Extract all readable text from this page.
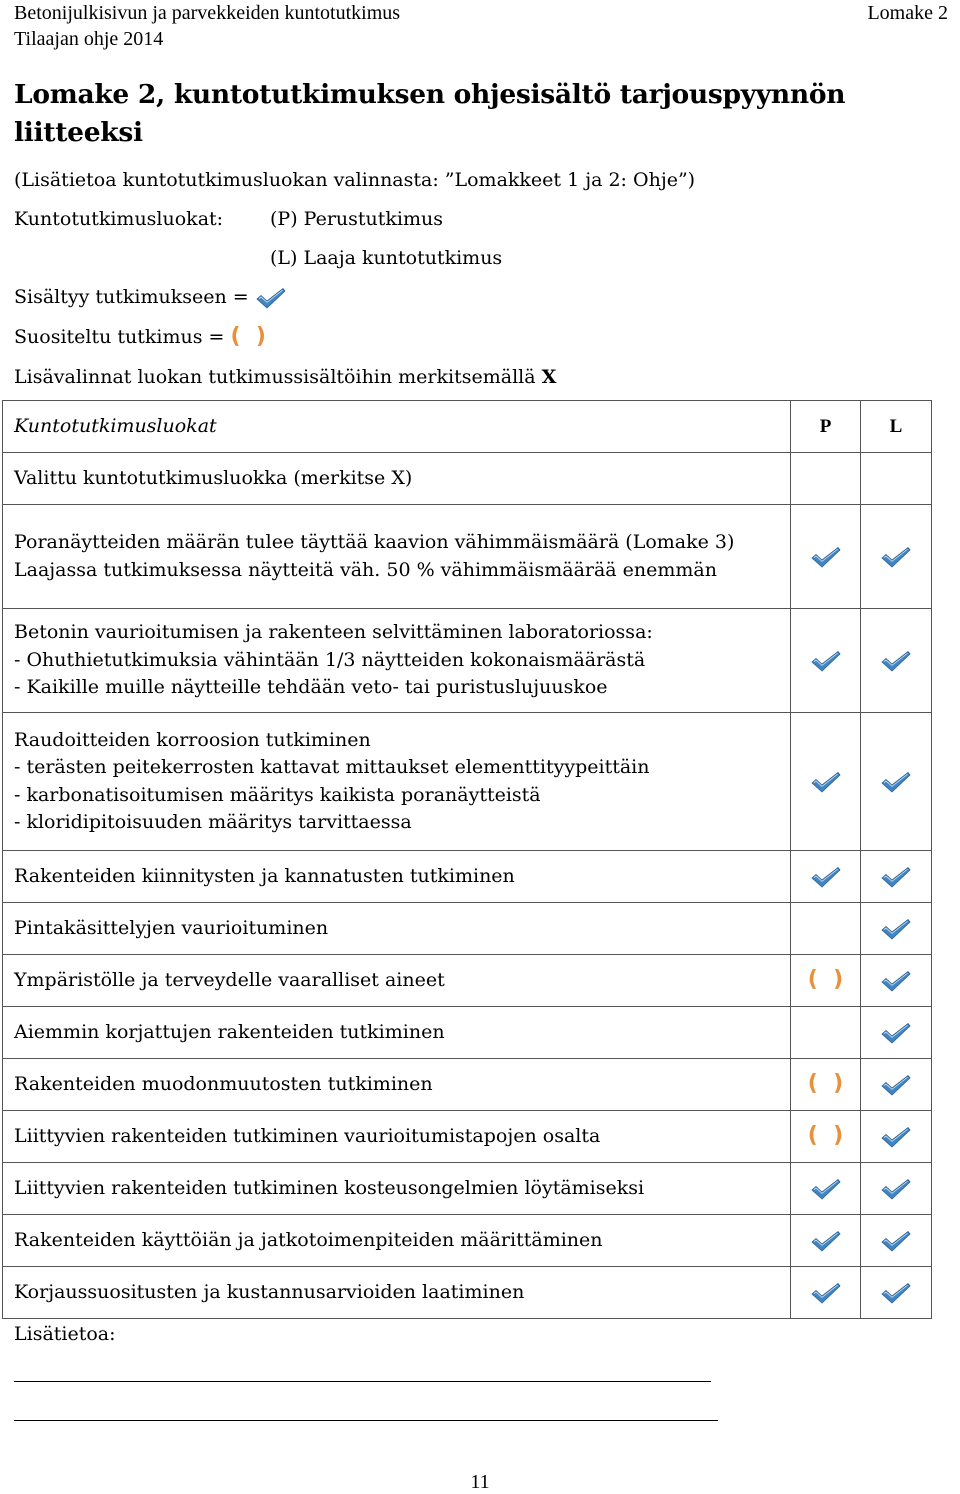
Betonijulkisivun ja parvekkeiden kuntotutkimus
Tilaajan ohje 2014
Lomake 2
Lomake 2, kuntotutkimuksen ohjesisältö tarjouspyynnön liitteeksi
(Lisätietoa kuntotutkimusluokan valinnasta: ”Lomakkeet 1 ja 2: Ohje”)
Kuntotutkimusluokat: (P) Perustutkimus
(L) Laaja kuntotutkimus
Sisältyy tutkimukseen =
Suositeltu tutkimus = (  )
Lisävalinnat luokan tutkimussisältöihin merkitsemällä X
Kuntotutkimusluokat	P	L
Valittu kuntotutkimusluokka (merkitse X)		

Poranäytteiden määrän tulee täyttää kaavion vähimmäismäärä (Lomake 3)
Laajassa tutkimuksessa näytteitä väh. 50 % vähimmäismäärää enemmän

Betonin vaurioitumisen ja rakenteen selvittäminen laboratoriossa:
- Ohuthietutkimuksia vähintään 1/3 näytteiden kokonaismäärästä
- Kaikille muille näytteille tehdään veto- tai puristuslujuuskoe

Raudoitteiden korroosion tutkiminen
- terästen peitekerrosten kattavat mittaukset elementtityypeittäin
- karbonatisoitumisen määritys kaikista poranäytteistä
- kloridipitoisuuden määritys tarvittaessa

Rakenteiden kiinnitysten ja kannatusten tutkiminen

Pintakäsittelyjen vaurioituminen

Ympäristölle ja terveydelle vaaralliset aineet	(  )	

Aiemmin korjattujen rakenteiden tutkiminen

Rakenteiden muodonmuutosten tutkiminen	(  )	

Liittyvien rakenteiden tutkiminen vaurioitumistapojen osalta	(  )	

Liittyvien rakenteiden tutkiminen kosteusongelmien löytämiseksi

Rakenteiden käyttöiän ja jatkotoimenpiteiden määrittäminen

Korjaussuositusten ja kustannusarvioiden laatiminen

Lisätietoa:
11
